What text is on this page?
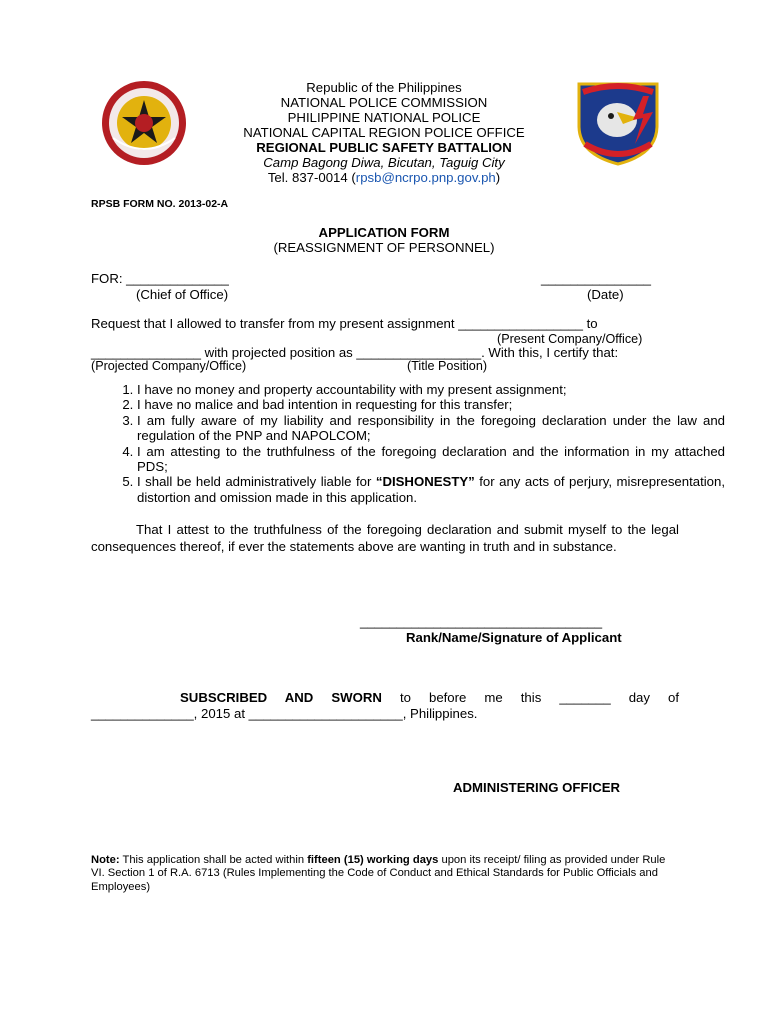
Republic of the Philippines
NATIONAL POLICE COMMISSION
PHILIPPINE NATIONAL POLICE
NATIONAL CAPITAL REGION POLICE OFFICE
REGIONAL PUBLIC SAFETY BATTALION
Camp Bagong Diwa, Bicutan, Taguig City
Tel. 837-0014 (rpsb@ncrpo.pnp.gov.ph)
RPSB FORM NO. 2013-02-A
APPLICATION FORM
(REASSIGNMENT OF PERSONNEL)
FOR: ______________	_______________
(Chief of Office)	(Date)
Request that I allowed to transfer from my present assignment _________________ to
(Present Company/Office)
_______________ with projected position as _________________. With this, I certify that:
(Projected Company/Office)	(Title Position)
1. I have no money and property accountability with my present assignment;
2. I have no malice and bad intention in requesting for this transfer;
3. I am fully aware of my liability and responsibility in the foregoing declaration under the law and regulation of the PNP and NAPOLCOM;
4. I am attesting to the truthfulness of the foregoing declaration and the information in my attached PDS;
5. I shall be held administratively liable for “DISHONESTY” for any acts of perjury, misrepresentation, distortion and omission made in this application.
That I attest to the truthfulness of the foregoing declaration and submit myself to the legal consequences thereof, if ever the statements above are wanting in truth and in substance.
_________________________________
Rank/Name/Signature of Applicant
SUBSCRIBED AND SWORN to before me this _______ day of
______________, 2015 at _____________________, Philippines.
ADMINISTERING OFFICER
Note: This application shall be acted within fifteen (15) working days upon its receipt/ filing as provided under Rule VI. Section 1 of R.A. 6713 (Rules Implementing the Code of Conduct and Ethical Standards for Public Officials and Employees)
